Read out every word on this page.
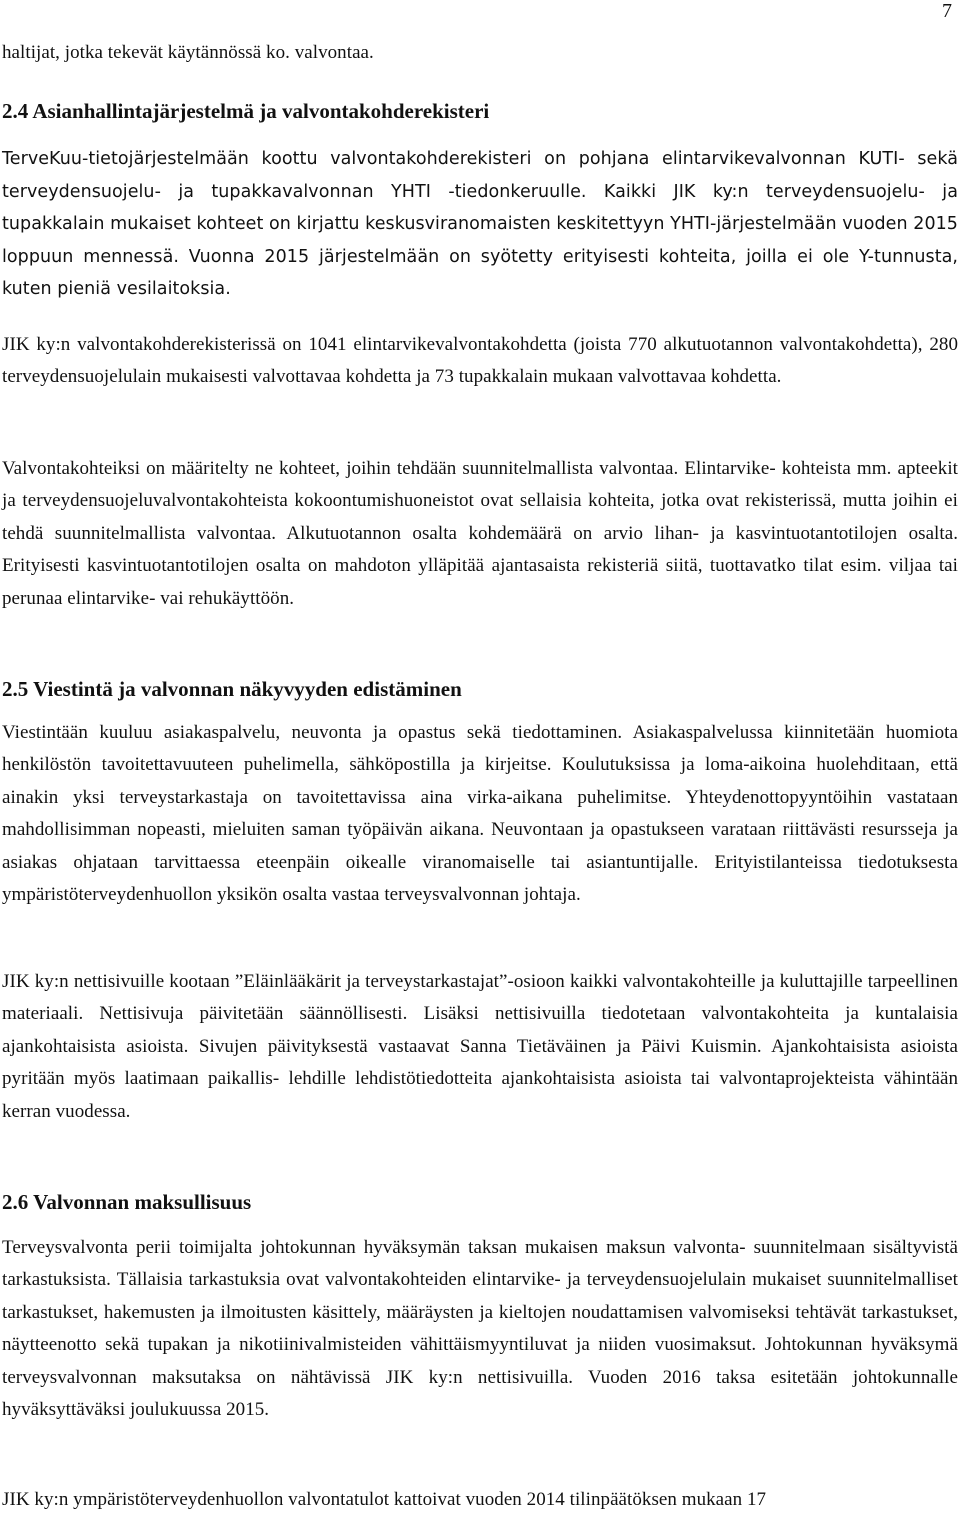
7

haltijat, jotka tekevät käytännössä ko. valvontaa.

2.4 Asianhallintajärjestelmä ja valvontakohderekisteri

TerveKuu-tietojärjestelmään koottu valvontakohderekisteri on pohjana elintarvikevalvonnan KUTI- sekä terveydensuojelu- ja tupakkavalvonnan YHTI -tiedonkeruulle. Kaikki JIK ky:n terveydensuojelu- ja tupakkalain mukaiset kohteet on kirjattu keskusviranomaisten keskitettyyn YHTI-järjestelmään vuoden 2015 loppuun mennessä. Vuonna 2015 järjestelmään on syötetty erityisesti kohteita, joilla ei ole Y-tunnusta, kuten pieniä vesilaitoksia.

JIK ky:n valvontakohderekisterissä on 1041 elintarvikevalvontakohdetta (joista 770 alkutuotannon valvontakohdetta), 280 terveydensuojelulain mukaisesti valvottavaa kohdetta ja 73 tupakkalain mukaan valvottavaa kohdetta.

Valvontakohteiksi on määritelty ne kohteet, joihin tehdään suunnitelmallista valvontaa. Elintarvike- kohteista mm. apteekit ja terveydensuojeluvalvontakohteista kokoontumishuoneistot ovat sellaisia kohteita, jotka ovat rekisterissä, mutta joihin ei tehdä suunnitelmallista valvontaa. Alkutuotannon osalta kohdemäärä on arvio lihan- ja kasvintuotantotilojen osalta. Erityisesti kasvintuotantotilojen osalta on mahdoton ylläpitää ajantasaista rekisteriä siitä, tuottavatko tilat esim. viljaa tai perunaa elintarvike- vai rehukäyttöön.

2.5 Viestintä ja valvonnan näkyvyyden edistäminen

Viestintään kuuluu asiakaspalvelu, neuvonta ja opastus sekä tiedottaminen. Asiakaspalvelussa kiinnitetään huomiota henkilöstön tavoitettavuuteen puhelimella, sähköpostilla ja kirjeitse. Koulutuksissa ja loma-aikoina huolehditaan, että ainakin yksi terveystarkastaja on tavoitettavissa aina virka-aikana puhelimitse. Yhteydenottopyyntöihin vastataan mahdollisimman nopeasti, mieluiten saman työpäivän aikana. Neuvontaan ja opastukseen varataan riittävästi resursseja ja asiakas ohjataan tarvittaessa eteenpäin oikealle viranomaiselle tai asiantuntijalle. Erityistilanteissa tiedotuksesta ympäristöterveydenhuollon yksikön osalta vastaa terveysvalvonnan johtaja.

JIK ky:n nettisivuille kootaan ”Eläinlääkärit ja terveystarkastajat”-osioon kaikki valvontakohteille ja kuluttajille tarpeellinen materiaali. Nettisivuja päivitetään säännöllisesti. Lisäksi nettisivuilla tiedotetaan valvontakohteita ja kuntalaisia ajankohtaisista asioista. Sivujen päivityksestä vastaavat Sanna Tietäväinen ja Päivi Kuismin. Ajankohtaisista asioista pyritään myös laatimaan paikallis- lehdille lehdistötiedotteita ajankohtaisista asioista tai valvontaprojekteista vähintään kerran vuodessa.

2.6 Valvonnan maksullisuus

Terveysvalvonta perii toimijalta johtokunnan hyväksymän taksan mukaisen maksun valvonta- suunnitelmaan sisältyvistä tarkastuksista. Tällaisia tarkastuksia ovat valvontakohteiden elintarvike- ja terveydensuojelulain mukaiset suunnitelmalliset tarkastukset, hakemusten ja ilmoitusten käsittely, määräysten ja kieltojen noudattamisen valvomiseksi tehtävät tarkastukset, näytteenotto sekä tupakan ja nikotiinivalmisteiden vähittäismyyntiluvat ja niiden vuosimaksut. Johtokunnan hyväksymä terveysvalvonnan maksutaksa on nähtävissä JIK ky:n nettisivuilla. Vuoden 2016 taksa esitetään johtokunnalle hyväksyttäväksi joulukuussa 2015.

JIK ky:n ympäristöterveydenhuollon valvontatulot kattoivat vuoden 2014 tilinpäätöksen mukaan 17
